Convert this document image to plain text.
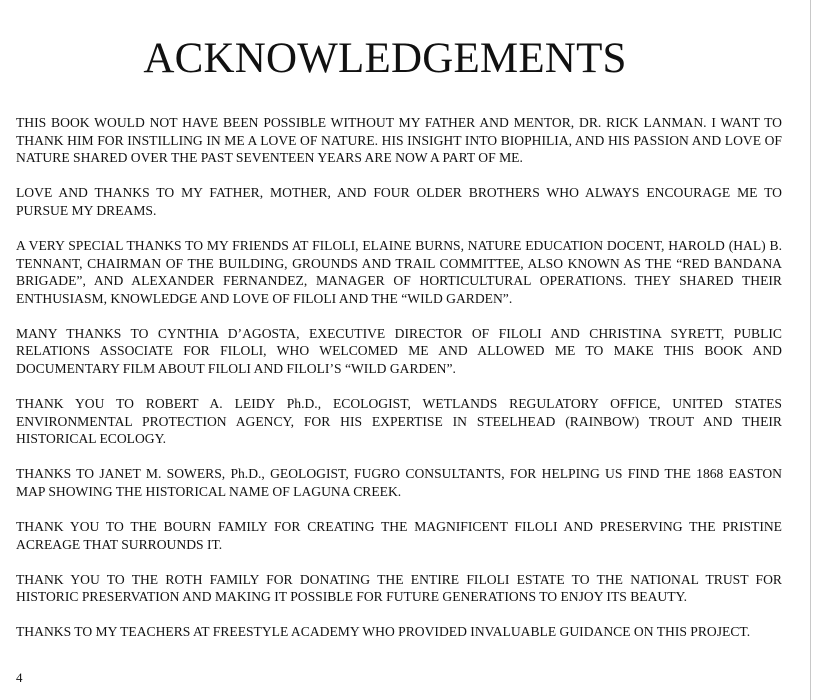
ACKNOWLEDGEMENTS

THIS BOOK WOULD NOT HAVE BEEN POSSIBLE WITHOUT MY FATHER AND MENTOR, DR. RICK LANMAN. I WANT TO THANK HIM FOR INSTILLING IN ME A LOVE OF NATURE. HIS INSIGHT INTO BIOPHILIA, AND HIS PASSION AND LOVE OF NATURE SHARED OVER THE PAST SEVENTEEN YEARS ARE NOW A PART OF ME.

LOVE AND THANKS TO MY FATHER, MOTHER, AND FOUR OLDER BROTHERS WHO ALWAYS ENCOURAGE ME TO PURSUE MY DREAMS.

A VERY SPECIAL THANKS TO MY FRIENDS AT FILOLI, ELAINE BURNS, NATURE EDUCATION DOCENT, HAROLD (HAL) B. TENNANT, CHAIRMAN OF THE BUILDING, GROUNDS AND TRAIL COMMITTEE, ALSO KNOWN AS THE “RED BANDANA BRIGADE”, AND ALEXANDER FERNANDEZ, MANAGER OF HORTICULTURAL OPERATIONS. THEY SHARED THEIR ENTHUSIASM, KNOWLEDGE AND LOVE OF FILOLI AND THE “WILD GARDEN”.

MANY THANKS TO CYNTHIA D’AGOSTA, EXECUTIVE DIRECTOR OF FILOLI AND CHRISTINA SYRETT, PUBLIC RELATIONS ASSOCIATE FOR FILOLI, WHO WELCOMED ME AND ALLOWED ME TO MAKE THIS BOOK AND DOCUMENTARY FILM ABOUT FILOLI AND FILOLI’S “WILD GARDEN”.

THANK YOU TO ROBERT A. LEIDY Ph.D., ECOLOGIST, WETLANDS REGULATORY OFFICE, UNITED STATES ENVIRONMENTAL PROTECTION AGENCY, FOR HIS EXPERTISE IN STEELHEAD (RAINBOW) TROUT AND THEIR HISTORICAL ECOLOGY.

THANKS TO JANET M. SOWERS, Ph.D., GEOLOGIST, FUGRO CONSULTANTS, FOR HELPING US FIND THE 1868 EASTON MAP SHOWING THE HISTORICAL NAME OF LAGUNA CREEK.

THANK YOU TO THE BOURN FAMILY FOR CREATING THE MAGNIFICENT FILOLI AND PRESERVING THE PRISTINE ACREAGE THAT SURROUNDS IT.

THANK YOU TO THE ROTH FAMILY FOR DONATING THE ENTIRE FILOLI ESTATE TO THE NATIONAL TRUST FOR HISTORIC PRESERVATION AND MAKING IT POSSIBLE FOR FUTURE GENERATIONS TO ENJOY ITS BEAUTY.

THANKS TO MY TEACHERS AT FREESTYLE ACADEMY WHO PROVIDED INVALUABLE GUIDANCE ON THIS PROJECT.

4
